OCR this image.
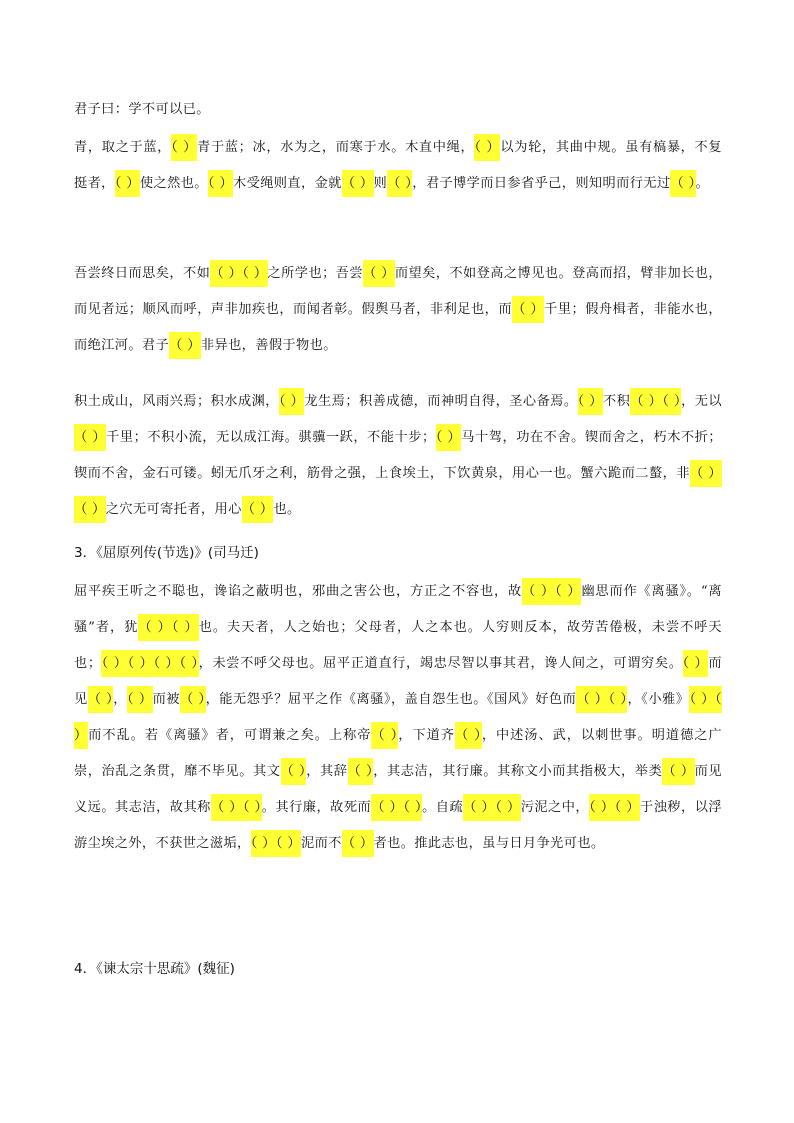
君子曰：学不可以已。

青，取之于蓝，（ ）青于蓝；冰，水为之，而寒于水。木直中绳，（ ）以为轮，其曲中规。虽有槁暴，不复挺者，（ ）使之然也。（ ）木受绳则直，金就（ ）则（ ），君子博学而日参省乎己，则知明而行无过（ ）。

吾尝终日而思矣，不如（ ）（ ）之所学也；吾尝（ ）而望矣，不如登高之博见也。登高而招，臂非加长也，而见者远；顺风而呼，声非加疾也，而闻者彰。假舆马者，非利足也，而（ ）千里；假舟楫者，非能水也，而绝江河。君子（ ）非异也，善假于物也。

积土成山，风雨兴焉；积水成渊，（ ）龙生焉；积善成德，而神明自得，圣心备焉。（ ）不积（ ）（ ），无以（ ）千里；不积小流，无以成江海。骐骥一跃，不能十步；（ ）马十驾，功在不舍。锲而舍之，朽木不折；锲而不舍，金石可镂。蚓无爪牙之利，筋骨之强，上食埃土，下饮黄泉，用心一也。蟹六跪而二螯，非（ ）（ ）之穴无可寄托者，用心（ ）也。

3．《屈原列传(节选)》(司马迁)

屈平疾王听之不聪也，谗谄之蔽明也，邪曲之害公也，方正之不容也，故（ ）（ ）幽思而作《离骚》。“离骚”者，犹（ ）（ ）也。夫天者，人之始也；父母者，人之本也。人穷则反本，故劳苦倦极，未尝不呼天也；（ ）（ ）（ ）（ ），未尝不呼父母也。屈平正道直行，竭忠尽智以事其君，谗人间之，可谓穷矣。（ ）而见（ ），（ ）而被（ ），能无怨乎？屈平之作《离骚》，盖自怨生也。《国风》好色而（ ）（ ），《小雅》（ ）（ ）而不乱。若《离骚》者，可谓兼之矣。上称帝（ ），下道齐（ ），中述汤、武，以刺世事。明道德之广崇，治乱之条贯，靡不毕见。其文（ ），其辞（ ），其志洁，其行廉。其称文小而其指极大，举类（ ）而见义远。其志洁，故其称（ ）（ ）。其行廉，故死而（ ）（ ）。自疏（ ）（ ）污泥之中，（ ）（ ）于浊秽，以浮游尘埃之外，不获世之滋垢，（ ）（ ）泥而不（ ）者也。推此志也，虽与日月争光可也。

4．《谏太宗十思疏》(魏征)
